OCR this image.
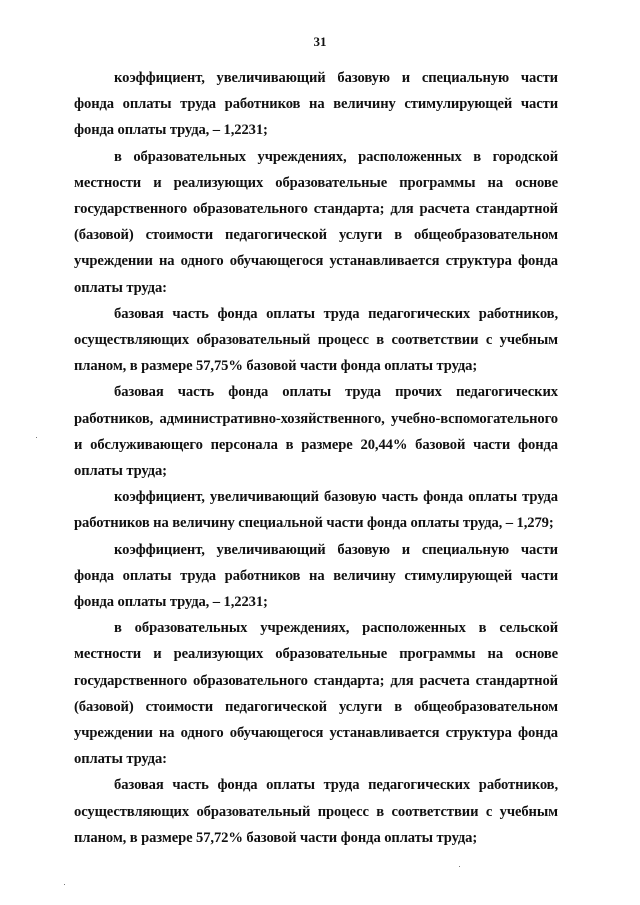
31

коэффициент, увеличивающий базовую и специальную части фонда оплаты труда работников на величину стимулирующей части фонда оплаты труда, – 1,2231;

в образовательных учреждениях, расположенных в городской местности и реализующих образовательные программы на основе государственного образовательного стандарта; для расчета стандартной (базовой) стоимости педагогической услуги в общеобразовательном учреждении на одного обучающегося устанавливается структура фонда оплаты труда:

базовая часть фонда оплаты труда педагогических работников, осуществляющих образовательный процесс в соответствии с учебным планом, в размере 57,75% базовой части фонда оплаты труда;

базовая часть фонда оплаты труда прочих педагогических работников, административно-хозяйственного, учебно-вспомогательного и обслуживающего персонала в размере 20,44% базовой части фонда оплаты труда;

коэффициент, увеличивающий базовую часть фонда оплаты труда работников на величину специальной части фонда оплаты труда, – 1,279;

коэффициент, увеличивающий базовую и специальную части фонда оплаты труда работников на величину стимулирующей части фонда оплаты труда, – 1,2231;

в образовательных учреждениях, расположенных в сельской местности и реализующих образовательные программы на основе государственного образовательного стандарта; для расчета стандартной (базовой) стоимости педагогической услуги в общеобразовательном учреждении на одного обучающегося устанавливается структура фонда оплаты труда:

базовая часть фонда оплаты труда педагогических работников, осуществляющих образовательный процесс в соответствии с учебным планом, в размере 57,72% базовой части фонда оплаты труда;
